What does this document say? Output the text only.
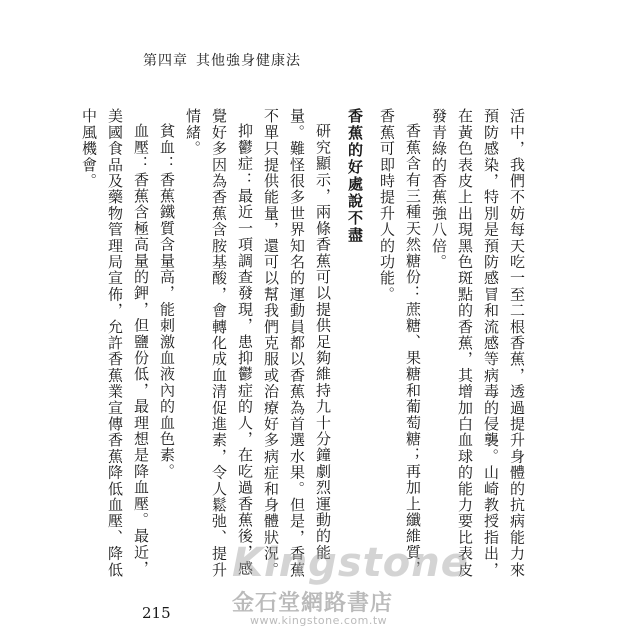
第四章 其他強身健康法

活中，我們不妨每天吃一至二根香蕉，透過提升身體的抗病能力來預防感染，特別是預防感冒和流感等病毒的侵襲。山崎教授指出，在黃色表皮上出現黑色斑點的香蕉，其增加白血球的能力要比表皮發青綠的香蕉強八倍。

香蕉含有三種天然糖份：蔗糖、果糖和葡萄糖；再加上纖維質，香蕉可即時提升人的功能。

香蕉的好處說不盡

研究顯示，兩條香蕉可以提供足夠維持九十分鐘劇烈運動的能量。難怪很多世界知名的運動員都以香蕉為首選水果。但是，香蕉不單只提供能量，還可以幫我們克服或治療好多病症和身體狀況。

抑鬱症：最近一項調查發現，患抑鬱症的人，在吃過香蕉後，感覺好多因為香蕉含胺基酸，會轉化成血清促進素，令人鬆弛、提升情緒。

貧血：香蕉鐵質含量高，能刺激血液內的血色素。

血壓：香蕉含極高量的鉀，但鹽份低，最理想是降血壓。最近，美國食品及藥物管理局宣佈，允許香蕉業宣傳香蕉降低血壓、降低中風機會。

215
Kingstone
金石堂網路書店
www.kingstone.com.tw
